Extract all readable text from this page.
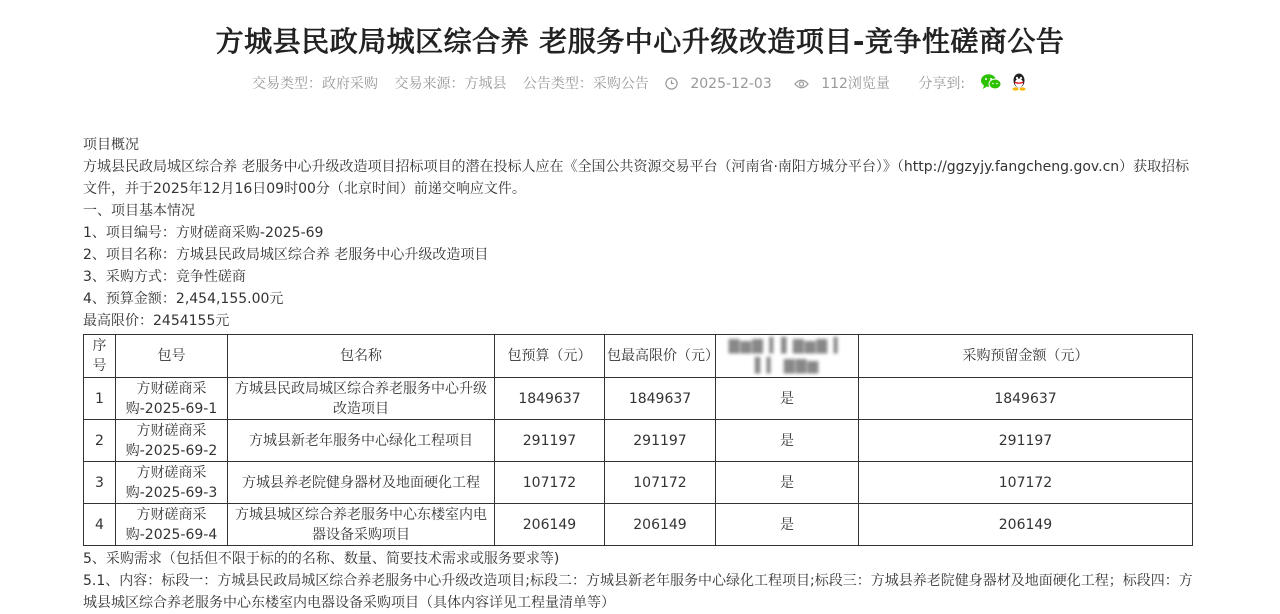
方城县民政局城区综合养 老服务中心升级改造项目-竞争性磋商公告
交易类型：政府采购 交易来源：方城县 公告类型：采购公告	2025-12-03	112浏览量 分享到:

项目概况

方城县民政局城区综合养 老服务中心升级改造项目招标项目的潜在投标人应在《全国公共资源交易平台（河南省·南阳方城分平台）》（http://ggzyjy.fangcheng.gov.cn）获取招标文件，并于2025年12月16日09时00分（北京时间）前递交响应文件。

一、项目基本情况

1、项目编号：方财磋商采购-2025-69

2、项目名称：方城县民政局城区综合养 老服务中心升级改造项目

3、采购方式：竞争性磋商

4、预算金额：2,454,155.00元

最高限价：2454155元

序号	包号	包名称	包预算（元）	包最高限价（元）	▇▆▇ ▍▌▇▆▇ ▍ ▌▍ ▇▇▆	采购预留金额（元）
1	方财磋商采购-2025-69-1	方城县民政局城区综合养老服务中心升级改造项目	1849637	1849637	是	1849637
2	方财磋商采购-2025-69-2	方城县新老年服务中心绿化工程项目	291197	291197	是	291197
3	方财磋商采购-2025-69-3	方城县养老院健身器材及地面硬化工程	107172	107172	是	107172
4	方财磋商采购-2025-69-4	方城县城区综合养老服务中心东楼室内电器设备采购项目	206149	206149	是	206149

5、采购需求（包括但不限于标的的名称、数量、简要技术需求或服务要求等)

5.1、内容：标段一：方城县民政局城区综合养老服务中心升级改造项目;标段二：方城县新老年服务中心绿化工程项目;标段三：方城县养老院健身器材及地面硬化工程；标段四：方城县城区综合养老服务中心东楼室内电器设备采购项目（具体内容详见工程量清单等）
